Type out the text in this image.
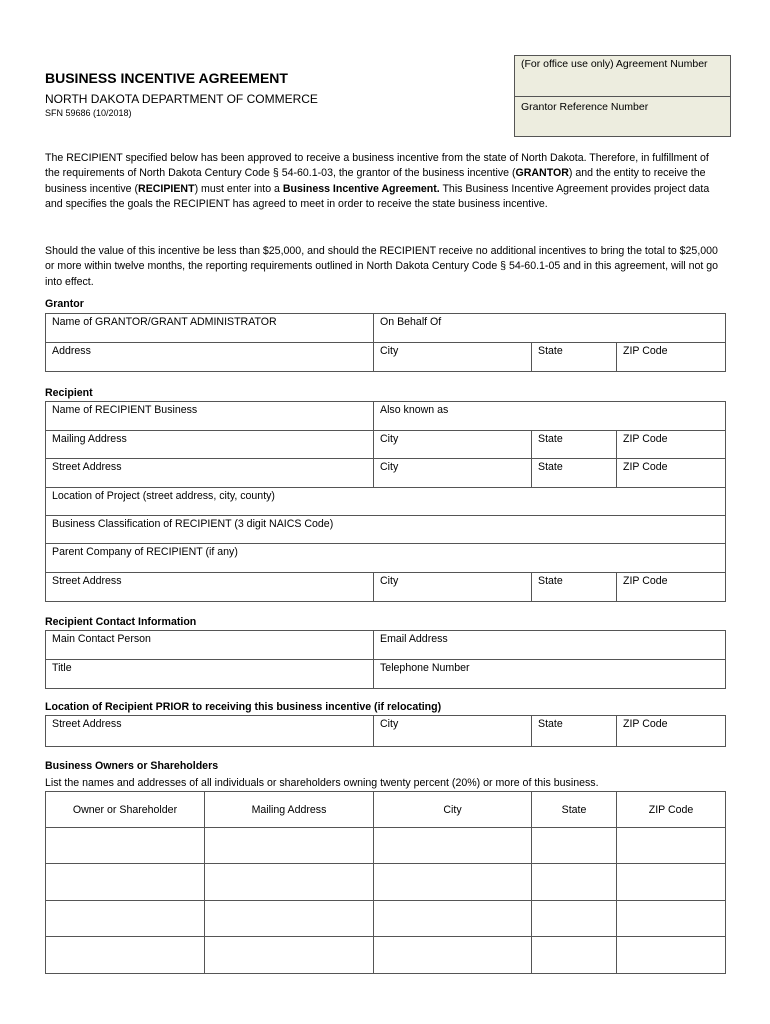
BUSINESS INCENTIVE AGREEMENT
NORTH DAKOTA DEPARTMENT OF COMMERCE
SFN 59686 (10/2018)
(For office use only) Agreement Number
Grantor Reference Number
The RECIPIENT specified below has been approved to receive a business incentive from the state of North Dakota. Therefore, in fulfillment of the requirements of North Dakota Century Code § 54-60.1-03, the grantor of the business incentive (GRANTOR) and the entity to receive the business incentive (RECIPIENT) must enter into a Business Incentive Agreement. This Business Incentive Agreement provides project data and specifies the goals the RECIPIENT has agreed to meet in order to receive the state business incentive.
Should the value of this incentive be less than $25,000, and should the RECIPIENT receive no additional incentives to bring the total to $25,000 or more within twelve months, the reporting requirements outlined in North Dakota Century Code § 54-60.1-05 and in this agreement, will not go into effect.
Grantor
Name of GRANTOR/GRANT ADMINISTRATOR	On Behalf Of		
Address	City	State	ZIP Code
Recipient
Name of RECIPIENT Business	Also known as		
Mailing Address	City	State	ZIP Code
Street Address	City	State	ZIP Code
Location of Project (street address, city, county)			
Business Classification of RECIPIENT (3 digit NAICS Code)			
Parent Company of RECIPIENT (if any)			
Street Address	City	State	ZIP Code
Recipient Contact Information
Main Contact Person	Email Address
Title	Telephone Number
Location of Recipient PRIOR to receiving this business incentive (if relocating)
Street Address	City	State	ZIP Code
Business Owners or Shareholders
List the names and addresses of all individuals or shareholders owning twenty percent (20%) or more of this business.
Owner or Shareholder	Mailing Address	City	State	ZIP Code
